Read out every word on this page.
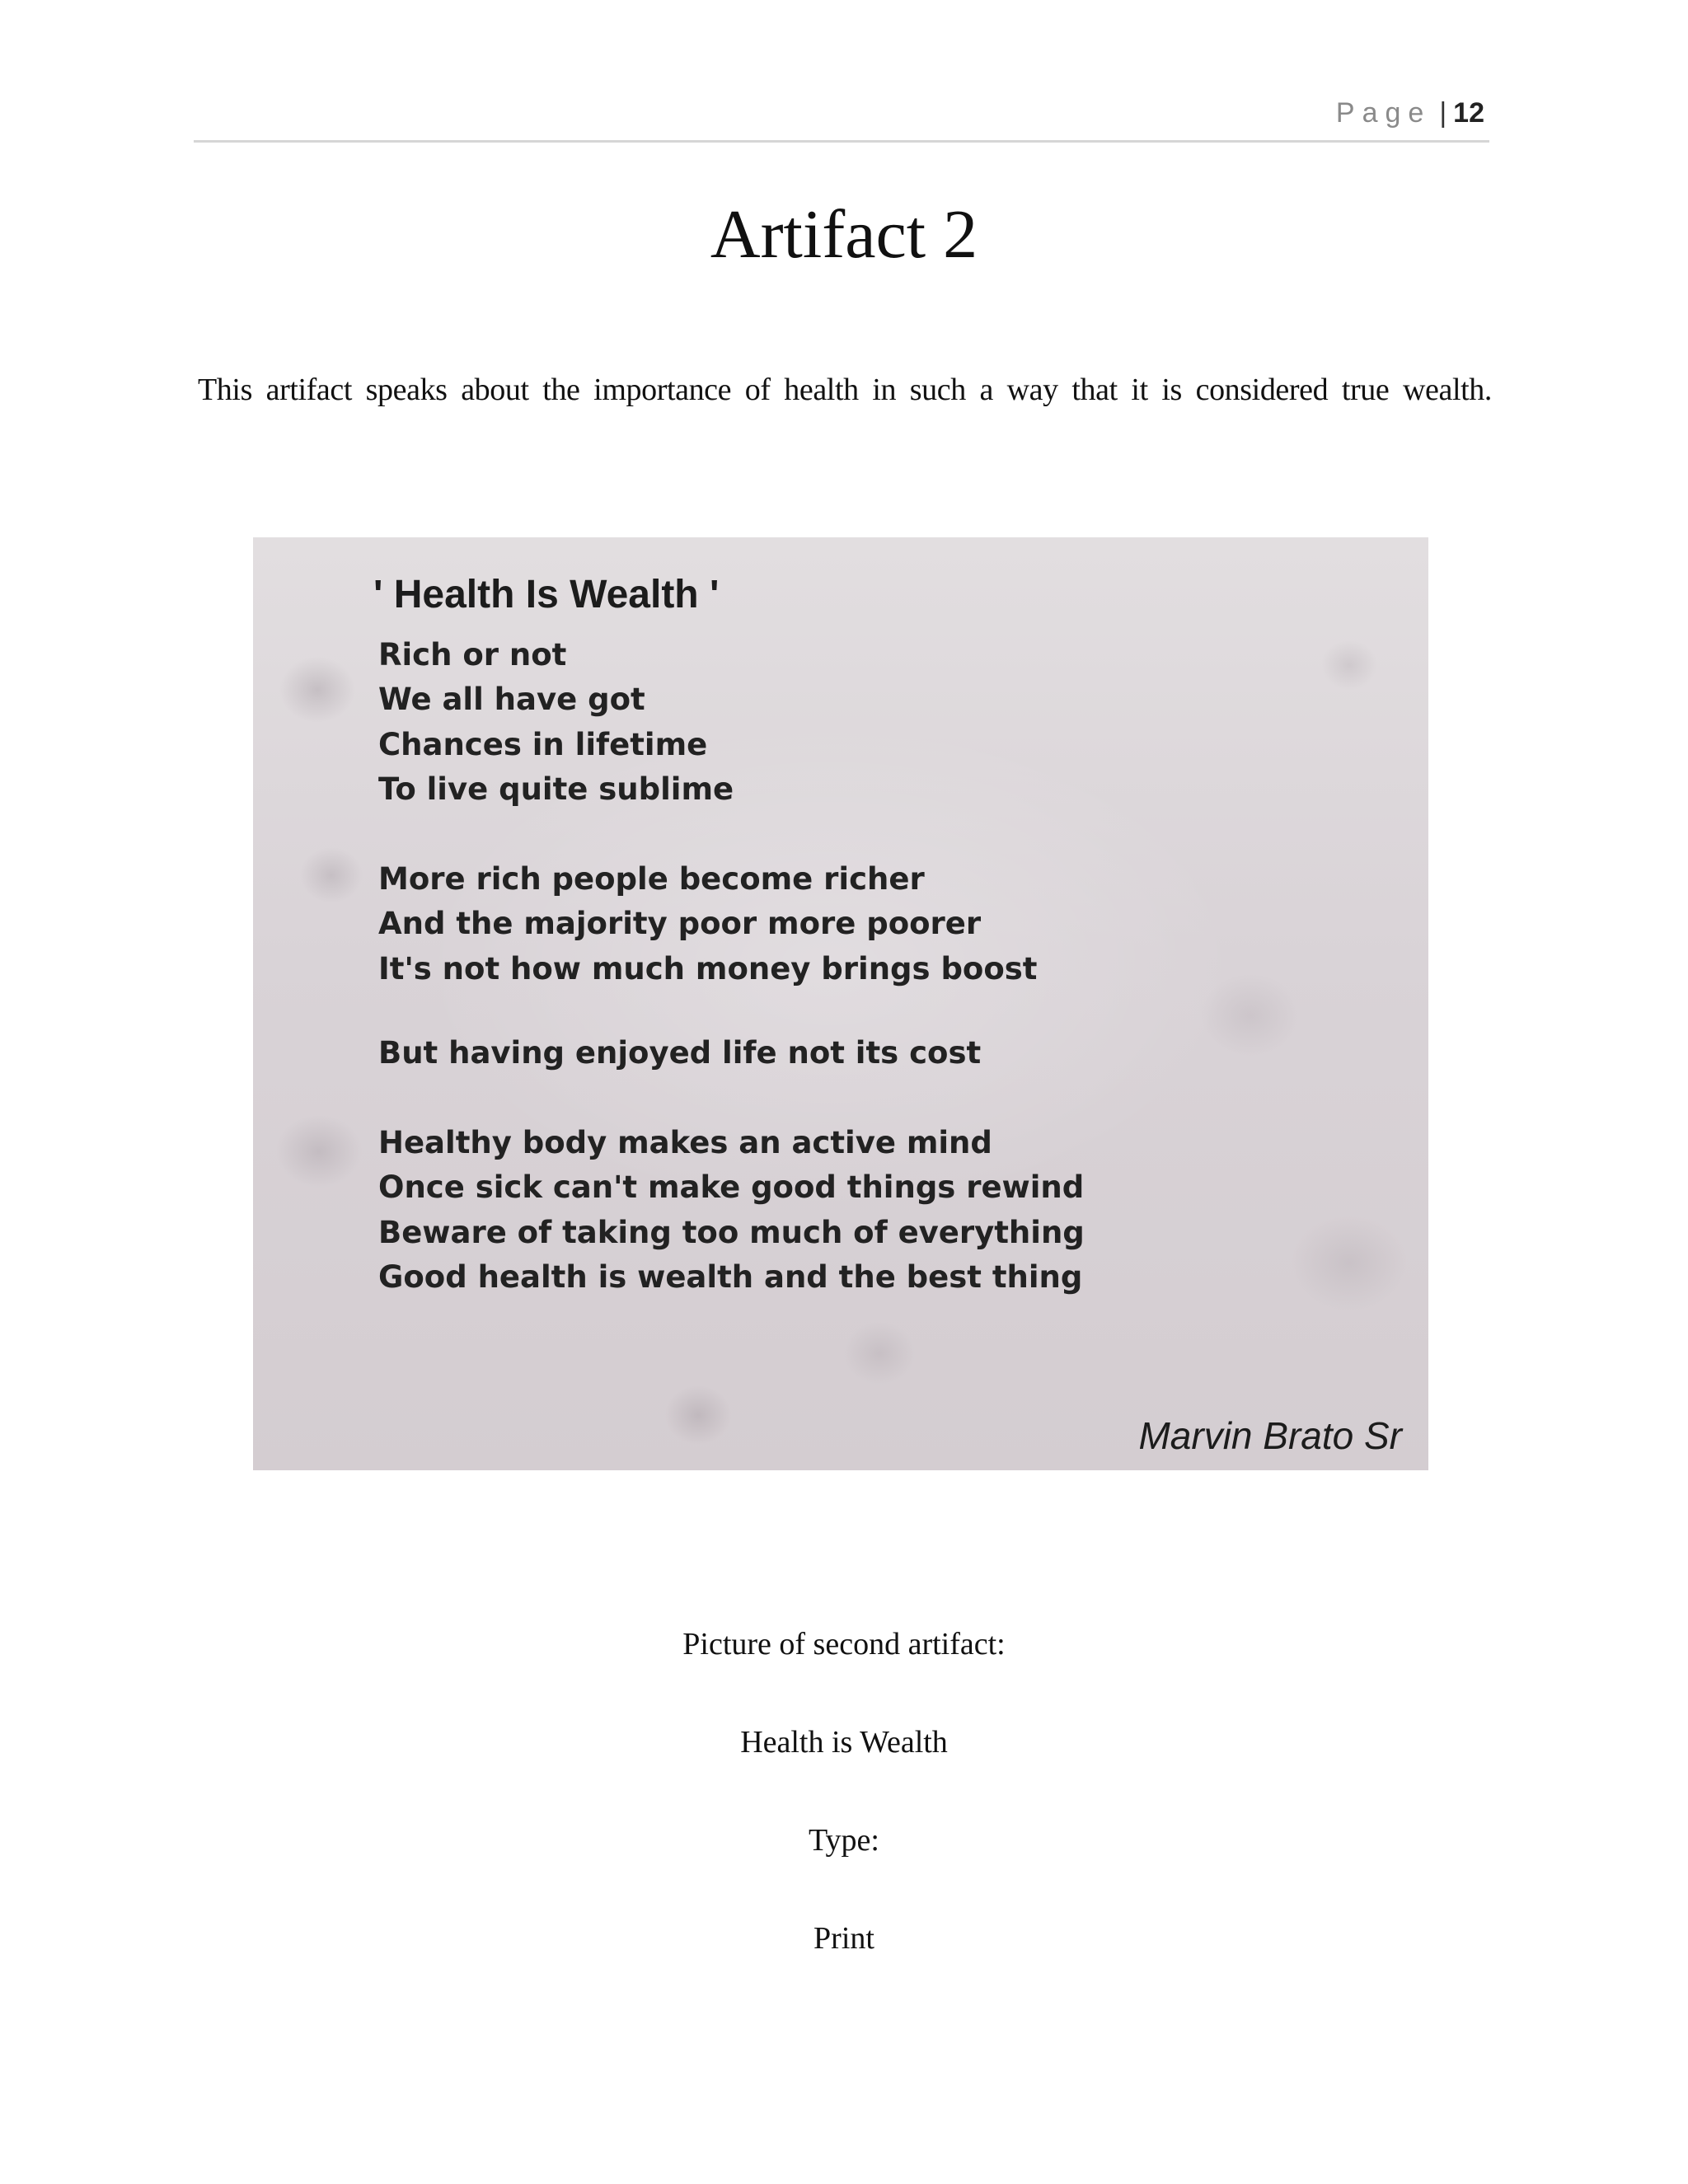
Page | 12
Artifact 2
This artifact speaks about the importance of health in such a way that it is considered true wealth.
' Health Is Wealth '
Rich or not
We all have got
Chances in lifetime
To live quite sublime
More rich people become richer
And the majority poor more poorer
It's not how much money brings boost
But having enjoyed life not its cost
Healthy body makes an active mind
Once sick can't make good things rewind
Beware of taking too much of everything
Good health is wealth and the best thing
Marvin Brato Sr
Picture of second artifact:
Health is Wealth
Type:
Print
